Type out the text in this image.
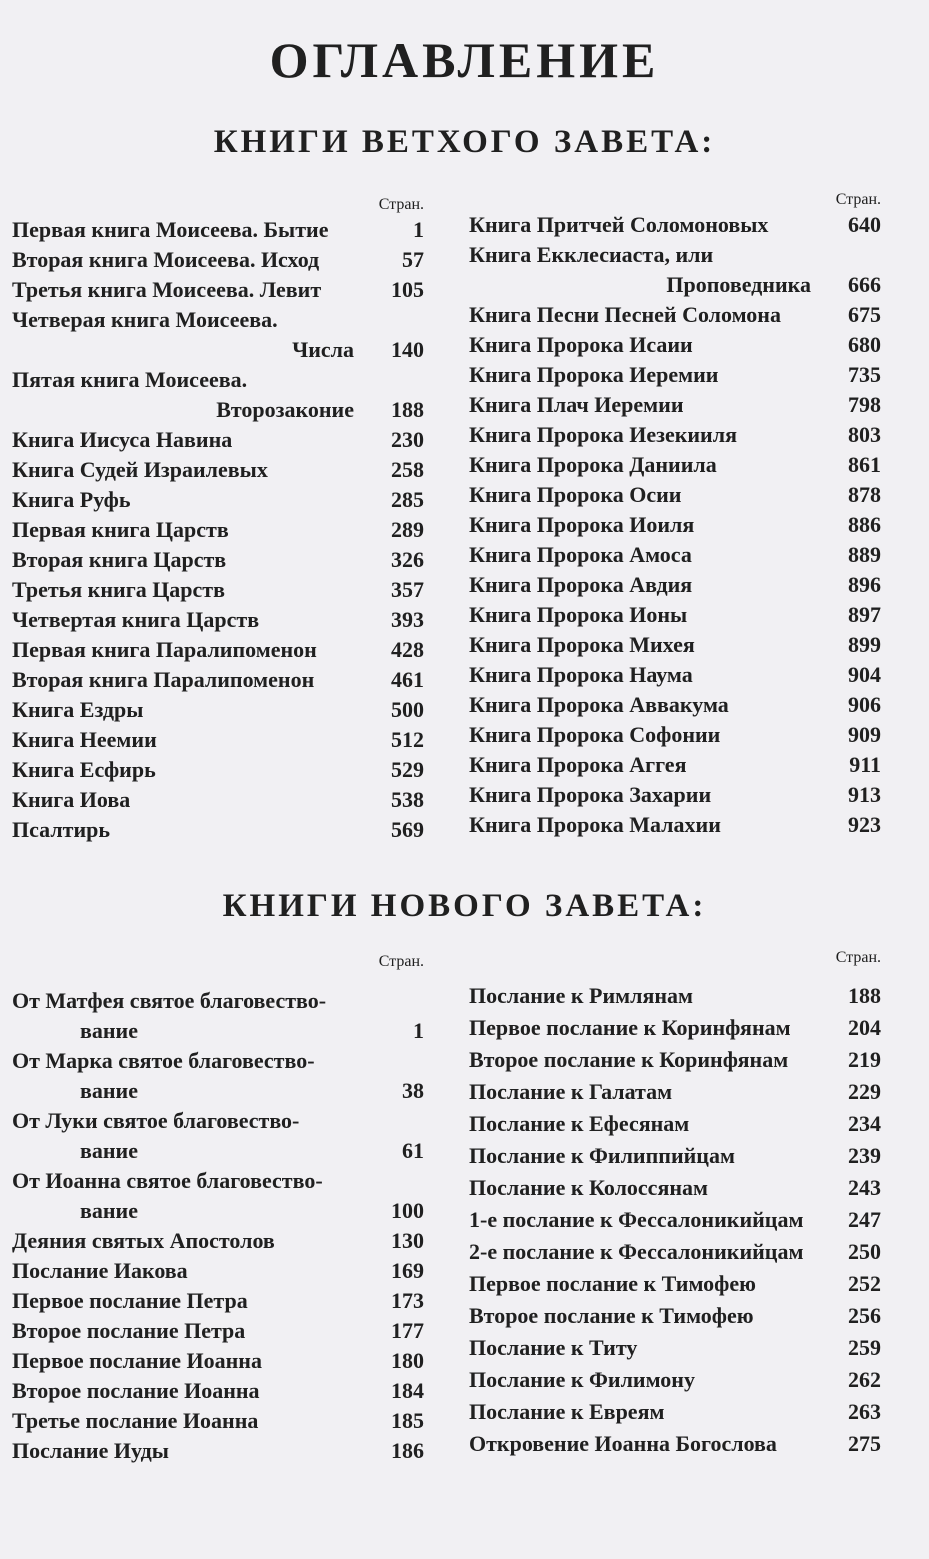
ОГЛАВЛЕНИЕ
КНИГИ ВЕТХОГО ЗАВЕТА:
Стран.
Первая книга Моисеева. Бытие	1
Вторая книга Моисеева. Исход	57
Третья книга Моисеева. Левит	105
Четверая книга Моисеева.
Числа	140
Пятая книга Моисеева.
Второзаконие	188
Книга Иисуса Навина	230
Книга Судей Израилевых	258
Книга Руфь	285
Первая книга Царств	289
Вторая книга Царств	326
Третья книга Царств	357
Четвертая книга Царств	393
Первая книга Паралипоменон	428
Вторая книга Паралипоменон	461
Книга Ездры	500
Книга Неемии	512
Книга Есфирь	529
Книга Иова	538
Псалтирь	569
Стран.
Книга Притчей Соломоновых	640
Книга Екклесиаста, или
Проповедника	666
Книга Песни Песней Соломона	675
Книга Пророка Исаии	680
Книга Пророка Иеремии	735
Книга Плач Иеремии	798
Книга Пророка Иезекииля	803
Книга Пророка Даниила	861
Книга Пророка Осии	878
Книга Пророка Иоиля	886
Книга Пророка Амоса	889
Книга Пророка Авдия	896
Книга Пророка Ионы	897
Книга Пророка Михея	899
Книга Пророка Наума	904
Книга Пророка Аввакума	906
Книга Пророка Софонии	909
Книга Пророка Аггея	911
Книга Пророка Захарии	913
Книга Пророка Малахии	923
КНИГИ НОВОГО ЗАВЕТА:
Стран.
От Матфея святое благовество-
вание	1
От Марка святое благовество-
вание	38
От Луки святое благовество-
вание	61
От Иоанна святое благовество-
вание	100
Деяния святых Апостолов	130
Послание Иакова	169
Первое послание Петра	173
Второе послание Петра	177
Первое послание Иоанна	180
Второе послание Иоанна	184
Третье послание Иоанна	185
Послание Иуды	186
Стран.
Послание к Римлянам	188
Первое послание к Коринфянам	204
Второе послание к Коринфянам	219
Послание к Галатам	229
Послание к Ефесянам	234
Послание к Филиппийцам	239
Послание к Колоссянам	243
1-е послание к Фессалоникийцам	247
2-е послание к Фессалоникийцам	250
Первое послание к Тимофею	252
Второе послание к Тимофею	256
Послание к Титу	259
Послание к Филимону	262
Послание к Евреям	263
Откровение Иоанна Богослова	275
